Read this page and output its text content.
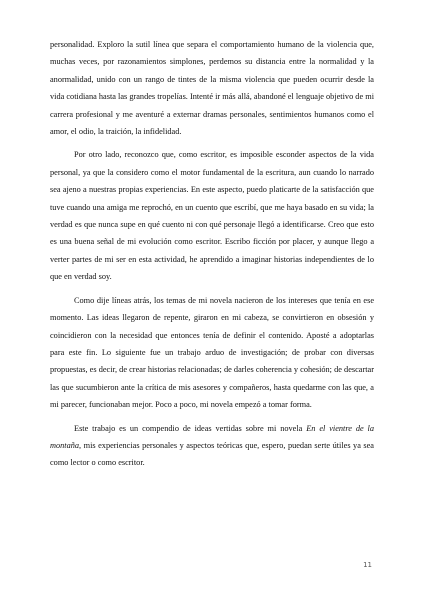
personalidad. Exploro la sutil línea que separa el comportamiento humano de la violencia que, muchas veces, por razonamientos simplones, perdemos su distancia entre la normalidad y la anormalidad, unido con un rango de tintes de la misma violencia que pueden ocurrir desde la vida cotidiana hasta las grandes tropelías. Intenté ir más allá, abandoné el lenguaje objetivo de mi carrera profesional y me aventuré a externar dramas personales, sentimientos humanos como el amor, el odio, la traición, la infidelidad.

Por otro lado, reconozco que, como escritor, es imposible esconder aspectos de la vida personal, ya que la considero como el motor fundamental de la escritura, aun cuando lo narrado sea ajeno a nuestras propias experiencias. En este aspecto, puedo platicarte de la satisfacción que tuve cuando una amiga me reprochó, en un cuento que escribí, que me haya basado en su vida; la verdad es que nunca supe en qué cuento ni con qué personaje llegó a identificarse. Creo que esto es una buena señal de mi evolución como escritor. Escribo ficción por placer, y aunque llego a verter partes de mi ser en esta actividad, he aprendido a imaginar historias independientes de lo que en verdad soy.

Como dije líneas atrás, los temas de mi novela nacieron de los intereses que tenía en ese momento. Las ideas llegaron de repente, giraron en mi cabeza, se convirtieron en obsesión y coincidieron con la necesidad que entonces tenía de definir el contenido. Aposté a adoptarlas para este fin. Lo siguiente fue un trabajo arduo de investigación; de probar con diversas propuestas, es decir, de crear historias relacionadas; de darles coherencia y cohesión; de descartar las que sucumbieron ante la crítica de mis asesores y compañeros, hasta quedarme con las que, a mi parecer, funcionaban mejor. Poco a poco, mi novela empezó a tomar forma.

Este trabajo es un compendio de ideas vertidas sobre mi novela En el vientre de la montaña, mis experiencias personales y aspectos teóricas que, espero, puedan serte útiles ya sea como lector o como escritor.

11
